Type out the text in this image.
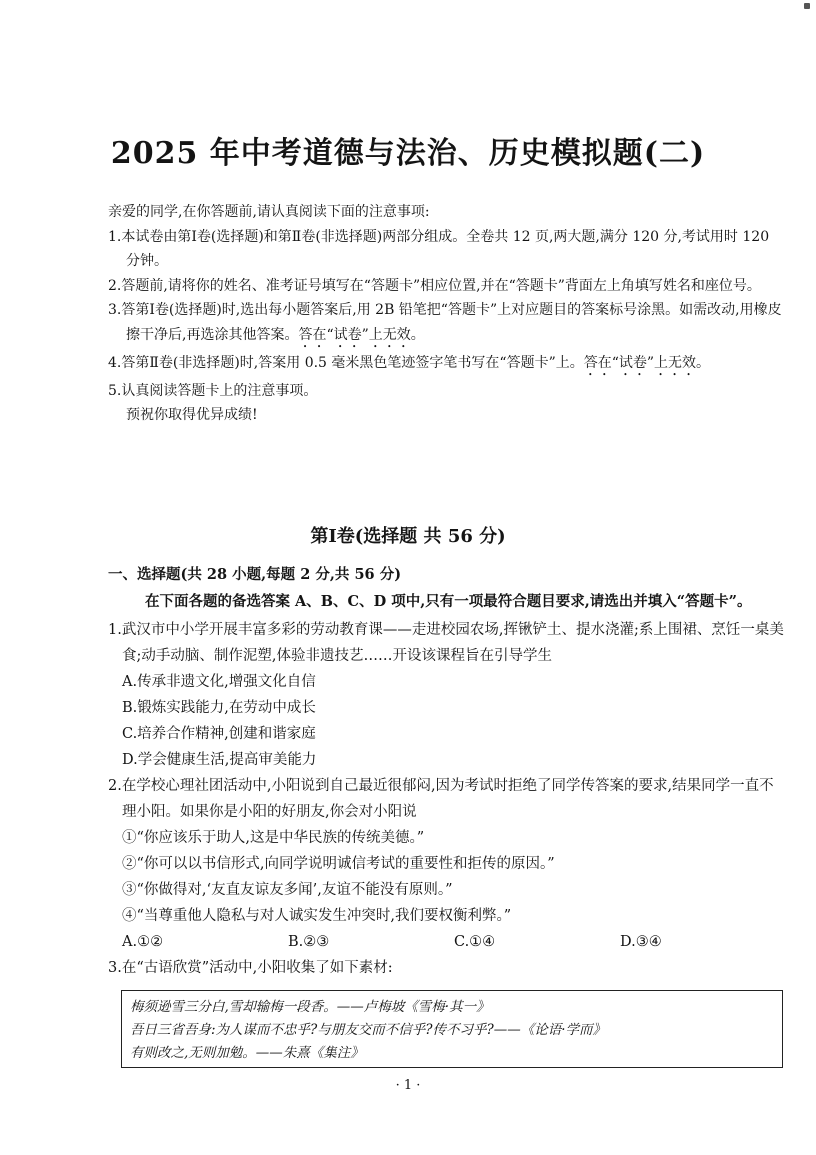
2025 年中考道德与法治、历史模拟题(二)

亲爱的同学,在你答题前,请认真阅读下面的注意事项:

1.本试卷由第Ⅰ卷(选择题)和第Ⅱ卷(非选择题)两部分组成。全卷共 12 页,两大题,满分 120 分,考试用时 120 分钟。

2.答题前,请将你的姓名、准考证号填写在“答题卡”相应位置,并在“答题卡”背面左上角填写姓名和座位号。

3.答第Ⅰ卷(选择题)时,选出每小题答案后,用 2B 铅笔把“答题卡”上对应题目的答案标号涂黑。如需改动,用橡皮擦干净后,再选涂其他答案。答在“试卷”上无效。

4.答第Ⅱ卷(非选择题)时,答案用 0.5 毫米黑色笔迹签字笔书写在“答题卡”上。答在“试卷”上无效。

5.认真阅读答题卡上的注意事项。

预祝你取得优异成绩!

第Ⅰ卷(选择题 共 56 分)
一、选择题(共 28 小题,每题 2 分,共 56 分)
在下面各题的备选答案 A、B、C、D 项中,只有一项最符合题目要求,请选出并填入“答题卡”。

1.武汉市中小学开展丰富多彩的劳动教育课——走进校园农场,挥锹铲土、提水浇灌;系上围裙、烹饪一桌美食;动手动脑、制作泥塑,体验非遗技艺……开设该课程旨在引导学生

A.传承非遗文化,增强文化自信

B.锻炼实践能力,在劳动中成长

C.培养合作精神,创建和谐家庭

D.学会健康生活,提高审美能力

2.在学校心理社团活动中,小阳说到自己最近很郁闷,因为考试时拒绝了同学传答案的要求,结果同学一直不理小阳。如果你是小阳的好朋友,你会对小阳说

①“你应该乐于助人,这是中华民族的传统美德。”

②“你可以以书信形式,向同学说明诚信考试的重要性和拒传的原因。”

③“你做得对,‘友直友谅友多闻’,友谊不能没有原则。”

④“当尊重他人隐私与对人诚实发生冲突时,我们要权衡利弊。”

A.①②	B.②③	C.①④	D.③④

3.在“古语欣赏”活动中,小阳收集了如下素材:

梅须逊雪三分白,雪却输梅一段香。——卢梅坡《雪梅·其一》

吾日三省吾身:为人谋而不忠乎?与朋友交而不信乎?传不习乎?——《论语·学而》

有则改之,无则加勉。——朱熹《集注》

· 1 ·
